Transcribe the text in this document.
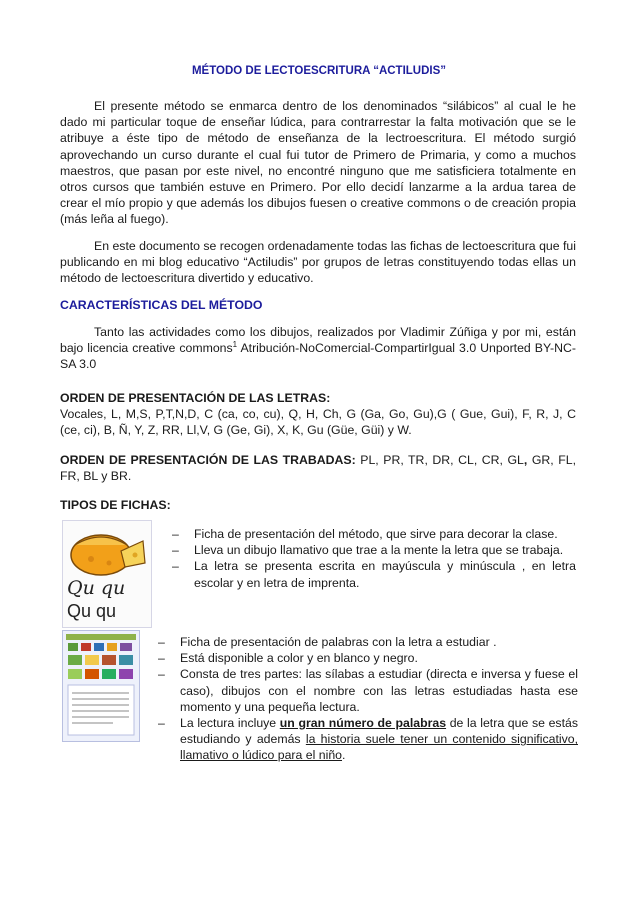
MÉTODO DE LECTOESCRITURA “ACTILUDIS”

El presente método se enmarca dentro de los denominados “silábicos” al cual le he dado mi particular toque de enseñar lúdica, para contrarrestar la falta motivación que se le atribuye a éste tipo de método de enseñanza de la lectroescritura. El método surgió aprovechando un curso durante el cual fui tutor de Primero de Primaria, y como a muchos maestros, que pasan por este nivel, no encontré ninguno que me satisficiera totalmente en otros cursos que también estuve en Primero. Por ello decidí lanzarme a la ardua tarea de crear el mío propio y que además los dibujos fuesen o creative commons o de creación propia (más leña al fuego).

En este documento se recogen ordenadamente todas las fichas de lectoescritura que fui publicando en mi blog educativo “Actiludis” por grupos de letras constituyendo todas ellas un método de lectoescritura divertido y educativo.

CARACTERÍSTICAS DEL MÉTODO

Tanto las actividades como los dibujos, realizados por Vladimir Zúñiga y por mi, están bajo licencia creative commons$^1$ Atribución-NoComercial-CompartirIgual 3.0 Unported BY-NC-SA 3.0

ORDEN DE PRESENTACIÓN DE LAS LETRAS:
Vocales, L, M,S, P,T,N,D, C (ca, co, cu), Q, H, Ch, G (Ga, Go, Gu),G ( Gue, Gui), F, R, J, C (ce, ci), B, Ñ, Y, Z, RR, Ll,V, G (Ge, Gi), X, K, Gu (Güe, Güi) y W.

ORDEN DE PRESENTACIÓN DE LAS TRABADAS: PL, PR, TR, DR, CL, CR, GL, GR, FL, FR, BL y BR.

TIPOS DE FICHAS:

Qu qu
Qu qu
– Ficha de presentación del método, que sirve para decorar la clase.
– Lleva un dibujo llamativo que trae a la mente la letra que se trabaja.
– La letra se presenta escrita en mayúscula y minúscula , en letra escolar y en letra de imprenta.
– Ficha de presentación de palabras con la letra a estudiar .
– Está disponible a color y en blanco y negro.
– Consta de tres partes: las sílabas a estudiar (directa e inversa y fuese el caso), dibujos con el nombre con las letras estudiadas hasta ese momento y una pequeña lectura.
– La lectura incluye un gran número de palabras de la letra que se estás estudiando y además la historia suele tener un contenido significativo, llamativo o lúdico para el niño.
